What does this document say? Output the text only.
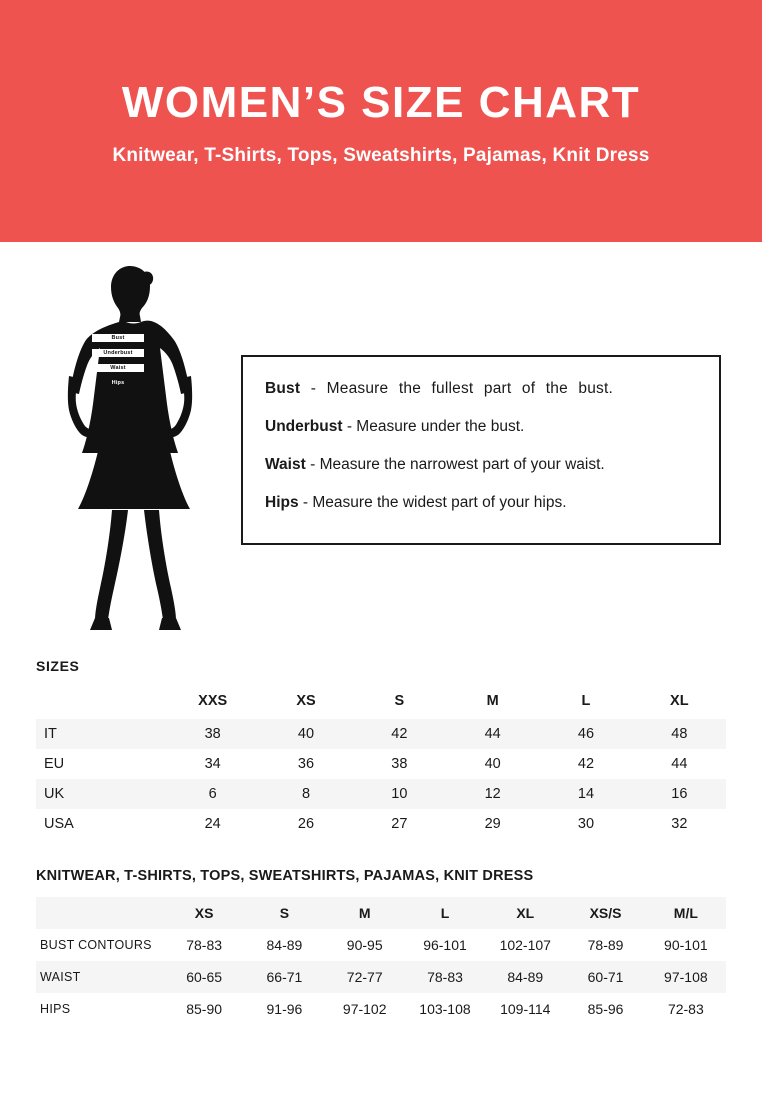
WOMEN’S SIZE CHART
Knitwear, T-Shirts, Tops, Sweatshirts, Pajamas, Knit Dress
Bust
Underbust
Waist
Hips	Bust - Measure the fullest part of the bust.
Underbust - Measure under the bust.
Waist - Measure the narrowest part of your waist.
Hips - Measure the widest part of your hips.
SIZES
	XXS	XS	S	M	L	XL
IT	38	40	42	44	46	48
EU	34	36	38	40	42	44
UK	6	8	10	12	14	16
USA	24	26	27	29	30	32
KNITWEAR, T-SHIRTS, TOPS, SWEATSHIRTS, PAJAMAS, KNIT DRESS
	XS	S	M	L	XL	XS/S	M/L
BUST CONTOURS	78-83	84-89	90-95	96-101	102-107	78-89	90-101
WAIST	60-65	66-71	72-77	78-83	84-89	60-71	97-108
HIPS	85-90	91-96	97-102	103-108	109-114	85-96	72-83
